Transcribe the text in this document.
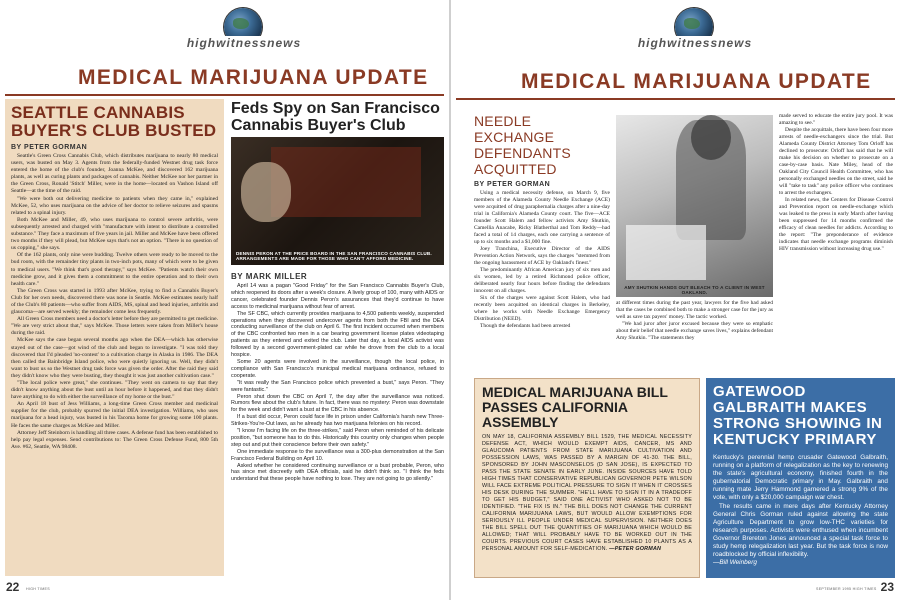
highwitnessnews
MEDICAL MARIJUANA UPDATE
SEATTLE CANNABIS BUYER'S CLUB BUSTED
BY PETER GORMAN

Seattle's Green Cross Cannabis Club, which distributes marijuana to nearly 80 medical users, was busted on May 3. Agents from the federally-funded Westnet drug task force entered the home of the club's founder, Joanna McKee, and discovered 162 marijuana plants, as well as curing plants and packages of cannabis. Neither McKee nor her partner in the Green Cross, Ronald 'Stitch' Miller, were in the home—located on Vashon Island off Seattle—at the time of the raid.

"We were both out delivering medicine to patients when they came in," explained McKee, 52, who uses marijuana on the advice of her doctor to relieve seizures and spasms related to a spinal injury.

Both McKee and Miller, 49, who uses marijuana to control severe arthritis, were subsequently arrested and charged with "manufacture with intent to distribute a controlled substance." They face a maximum of five years in jail. Miller and McKee have been offered two months if they will plead, but McKee says that's not an option. "There is no question of us copping," she says.

Of the 162 plants, only nine were budding. Twelve others were ready to be moved to the bud room, with the remainder tiny plants in two-inch pots, many of which were to be given to medical users. "We think that's good therapy," says McKee. "Patients watch their own medicine grow, and it gives them a commitment to the entire operation and to their own health care."

The Green Cross was started in 1993 after McKee, trying to find a Cannabis Buyer's Club for her own needs, discovered there was none in Seattle. McKee estimates nearly half of the Club's 80 patients—who suffer from AIDS, MS, spinal and head injuries, arthritis and glaucoma—are served weekly; the remainder come less frequently.

All Green Cross members need a doctor's letter before they are permitted to get medicine. "We are very strict about that," says McKee. Those letters were taken from Miller's house during the raid.

McKee says the case began several months ago when the DEA—which has otherwise stayed out of the case—got wind of the club and began to investigate. "I was told they discovered that I'd pleaded 'no-contest' to a cultivation charge in Alaska in 1986. The DEA then called the Bainbridge Island police, who were quietly ignoring us. Well, they didn't want to bust us so the Westnet drug task force was given the order. After the raid they said they didn't know who they were busting, they thought it was just another cultivation case."

"The local police were great," she continues. "They went on camera to say that they didn't know anything about the bust until an hour before it happened, and that they didn't have anything to do with either the surveillance of my home or the bust."

An April 18 bust of Jess Williams, a long-time Green Cross member and medicinal supplier for the club, probably spurred the initial DEA investigation. Williams, who uses marijuana for a head injury, was busted in his Tacoma home for growing some 100 plants. He faces the same charges as McKee and Miller.

Attorney Jeff Steinborn is handling all three cases. A defense fund has been established to help pay legal expenses. Send contributions to: The Green Cross Defense Fund, 800 5th Ave. #62, Seattle, WA 98408.

Feds Spy on San Francisco Cannabis Buyer's Club
DENNIS PERON AT THE PRICE BOARD IN THE SAN FRANCISCO CANNABIS CLUB. ARRANGEMENTS ARE MADE FOR THOSE WHO CAN'T AFFORD MEDICINE.
BY MARK MILLER

April 14 was a pagan "Good Friday" for the San Francisco Cannabis Buyer's Club, which reopened its doors after a week's closure. A lively group of 100, many with AIDS or cancer, celebrated founder Dennis Peron's assurances that they'd continue to have access to medicinal marijuana without fear of arrest.

The SF CBC, which currently provides marijuana to 4,500 patients weekly, suspended operations when they discovered undercover agents from both the FBI and the DEA conducting surveillance of the club on April 6. The first incident occurred when members of the CBC confronted two men in a car bearing government license plates videotaping patients as they entered and exited the club. Later that day, a local AIDS activist was followed by a second government-plated car while he drove from the club to a local hospice.

Some 20 agents were involved in the surveillance, though the local police, in compliance with San Francisco's municipal medical marijuana ordinance, refused to cooperate.

"It was really the San Francisco police which prevented a bust," says Peron. "They were fantastic."

Peron shut down the CBC on April 7, the day after the surveillance was noticed. Rumors flew about the club's future. In fact, there was no mystery: Peron was downstate for the week and didn't want a bust at the CBC in his absence.

If a bust did occur, Peron could face life in prison under California's harsh new Three-Strikes-You're-Out laws, as he already has two marijuana felonies on his record.

"I know I'm facing life on the three-strikes," said Peron when reminded of his delicate position, "but someone has to do this. Historically this country only changes when people step out and put their conscience before their own safety."

One immediate response to the surveillance was a 300-plus demonstration at the San Francisco Federal Building on April 10.

Asked whether he considered continuing surveillance or a bust probable, Peron, who has since met discreetly with DEA officials, said he didn't think so. "I think the feds understand that these people have nothing to lose. They are not going to go silently."

22 HIGH TIMES
highwitnessnews
MEDICAL MARIJUANA UPDATE
NEEDLE EXCHANGE DEFENDANTS ACQUITTED
BY PETER GORMAN

Using a medical necessity defense, on March 9, five members of the Alameda County Needle Exchange (ACE) were acquitted of drug paraphernalia charges after a nine-day trial in California's Alameda County court. The five—ACE founder Scott Halem and fellow activists Amy Shutkin, Camellia Anacabe, Ricky Blatherthal and Tom Reddy—had faced a total of 14 charges, each one carrying a sentence of up to six months and a $1,000 fine.

Joey Tranchina, Executive Director of the AIDS Prevention Action Network, says the charges "stemmed from the ongoing harassment of ACE by Oakland's finest."

The predominantly African American jury of six men and six women, led by a retired Richmond police officer, deliberated nearly four hours before finding the defendants innocent on all charges.

Six of the charges were against Scott Halem, who had recently been acquitted on identical charges in Berkeley, where he works with Needle Exchange Emergency Distribution (NEED).

Though the defendants had been arrested

AMY SHUTKIN HANDS OUT BLEACH TO A CLIENT IN WEST OAKLAND.

at different times during the past year, lawyers for the five had asked that the cases be combined both to make a stronger case for the jury as well as save tax payers' money. The tactic worked.

"We had juror after juror excused because they were so emphatic about their belief that needle exchange saves lives," explains defendant Amy Shutkin. "The statements they

made served to educate the entire jury pool. It was amazing to see."

Despite the acquittals, there have been four more arrests of needle-exchangers since the trial. But Alameda County District Attorney Tom Orloff has declined to prosecute: Orloff has said that he will make his decision on whether to prosecute on a case-by-case basis. Nate Miley, head of the Oakland City Council Health Committee, who has personally exchanged needles on the street, said he will "take to task" any police officer who continues to arrest the exchangers.

In related news, the Centers for Disease Control and Prevention report on needle-exchange which was leaked to the press in early March after having been suppressed for 14 months confirmed the efficacy of clean needles for addicts. According to the report: "The preponderance of evidence indicates that needle exchange programs diminish HIV transmission without increasing drug use."

MEDICAL MARIJUANA BILL PASSES CALIFORNIA ASSEMBLY
ON MAY 18, CALIFORNIA ASSEMBLY BILL 1529, THE MEDICAL NECESSITY DEFENSE ACT, WHICH WOULD EXEMPT AIDS, CANCER, MS AND GLAUCOMA PATIENTS FROM STATE MARIJUANA CULTIVATION AND POSSESSION LAWS, WAS PASSED BY A MARGIN OF 41-30. THE BILL, SPONSORED BY JOHN MASCONSELOS (D SAN JOSE), IS EXPECTED TO PASS THE STATE SENATE IN EARLY JUNE. INSIDE SOURCES HAVE TOLD HIGH TIMES THAT CONSERVATIVE REPUBLICAN GOVERNOR PETE WILSON WILL FACE EXTREME POLITICAL PRESSURE TO SIGN IT WHEN IT CROSSES HIS DESK DURING THE SUMMER. "HE'LL HAVE TO SIGN IT IN A TRADEOFF TO GET HIS BUDGET," SAID ONE ACTIVIST WHO ASKED NOT TO BE IDENTIFIED. "THE FIX IS IN." THE BILL DOES NOT CHANGE THE CURRENT CALIFORNIA MARIJUANA LAWS, BUT WOULD ALLOW EXEMPTIONS FOR SERIOUSLY ILL PEOPLE UNDER MEDICAL SUPERVISION. NEITHER DOES THE BILL SPELL OUT THE QUANTITIES OF MARIJUANA WHICH WOULD BE ALLOWED; THAT WILL PROBABLY HAVE TO BE WORKED OUT IN THE COURTS. PREVIOUS COURT CASES HAVE ESTABLISHED 10 PLANTS AS A PERSONAL AMOUNT FOR SELF-MEDICATION. —PETER GORMAN
GATEWOOD GALBRAITH MAKES STRONG SHOWING IN KENTUCKY PRIMARY

Kentucky's perennial hemp crusader Gatewood Galbraith, running on a platform of relegalization as the key to renewing the state's agricultural economy, finished fourth in the gubernatorial Democratic primary in May. Galbraith and running mate Jerry Hammond garnered a strong 9% of the vote, with only a $20,000 campaign war chest.

The results came in mere days after Kentucky Attorney General Chris Gorman ruled against allowing the state Agriculture Department to grow low-THC varieties for research purposes. Activists were enthused when incumbent Governor Brereton Jones announced a special task force to study hemp relegalization last year. But the task force is now roadblocked by official inflexibility.

—Bill Weinberg

SEPTEMBER 1995 HIGH TIMES 23
